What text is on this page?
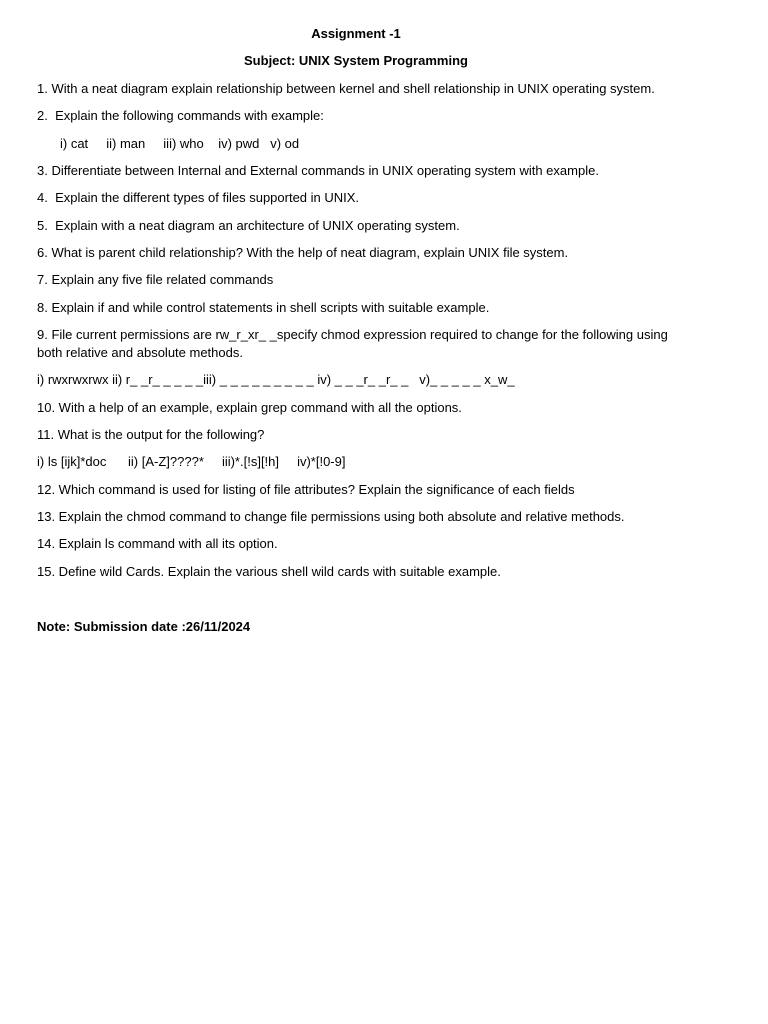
Assignment -1
Subject: UNIX System Programming
1. With a neat diagram explain relationship between kernel and shell relationship in UNIX operating system.
2.  Explain the following commands with example:
i) cat     ii) man     iii) who    iv) pwd   v) od
3. Differentiate between Internal and External commands in UNIX operating system with example.
4.  Explain the different types of files supported in UNIX.
5.  Explain with a neat diagram an architecture of UNIX operating system.
6. What is parent child relationship? With the help of neat diagram, explain UNIX file system.
7. Explain any five file related commands
8. Explain if and while control statements in shell scripts with suitable example.
9. File current permissions are rw_r_xr_ _specify chmod expression required to change for the following using
both relative and absolute methods.
i) rwxrwxrwx ii) r_ _r_ _ _ _ _iii) _ _ _ _ _ _ _ _ _ iv) _ _ _r_ _r_ _   v)_ _ _ _ _ x_w_
10. With a help of an example, explain grep command with all the options.
11. What is the output for the following?
i) ls [ijk]*doc      ii) [A-Z]????*     iii)*.[!s][!h]     iv)*[!0-9]
12. Which command is used for listing of file attributes? Explain the significance of each fields
13. Explain the chmod command to change file permissions using both absolute and relative methods.
14. Explain ls command with all its option.
15. Define wild Cards. Explain the various shell wild cards with suitable example.
Note: Submission date :26/11/2024
